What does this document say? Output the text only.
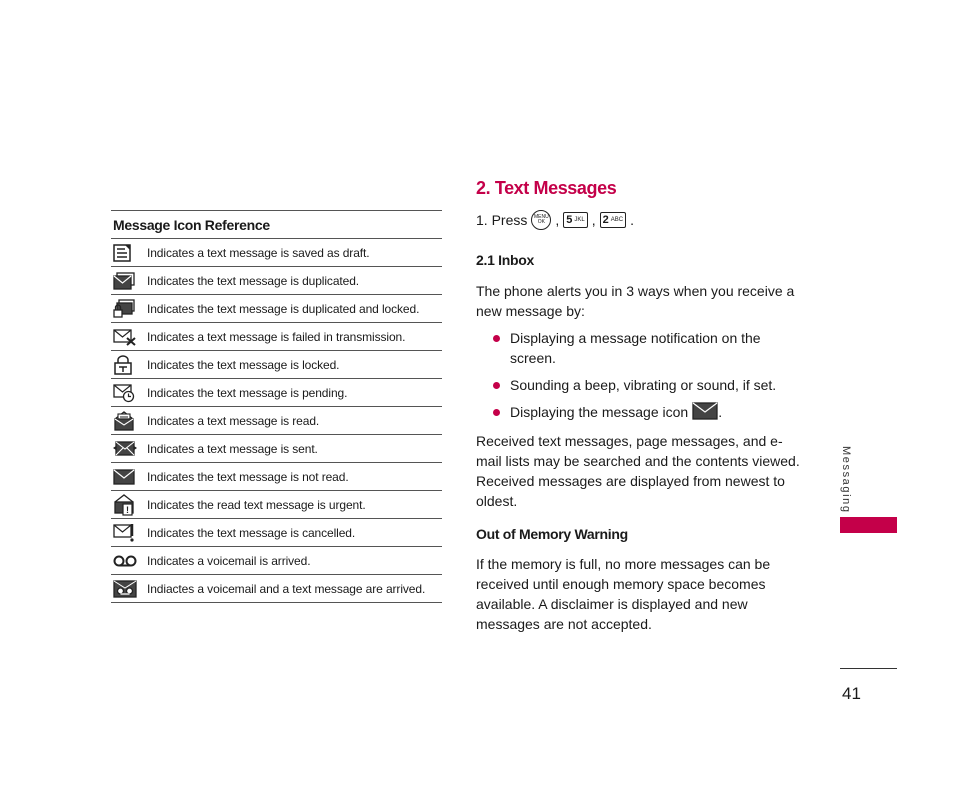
Message Icon Reference
Indicates a text message is saved as draft.
Indicates the text message is duplicated.
Indicates the text message is duplicated and locked.
Indicates a text message is failed in transmission.
Indicates the text message is locked.
Indicates the text message is pending.
Indicates a text message is read.
Indicates a text message is sent.
Indicates the text message is not read.
! Indicates the read text message is urgent.
Indicates the text message is cancelled.
Indicates a voicemail is arrived.
Indiactes a voicemail and a text message are arrived.
2. Text Messages
1. Press MENU
OK , 5 JKL , 2 ABC .
2.1 Inbox
The phone alerts you in 3 ways when you receive a new message by:
Displaying a message notification on the screen.
Sounding a beep, vibrating or sound, if set.
Displaying the message icon .
Received text messages, page messages, and e-mail lists may be searched and the contents viewed. Received messages are displayed from newest to oldest.
Out of Memory Warning
If the memory is full, no more messages can be received until enough memory space becomes available. A disclaimer is displayed and new messages are not accepted.
Messaging
41
